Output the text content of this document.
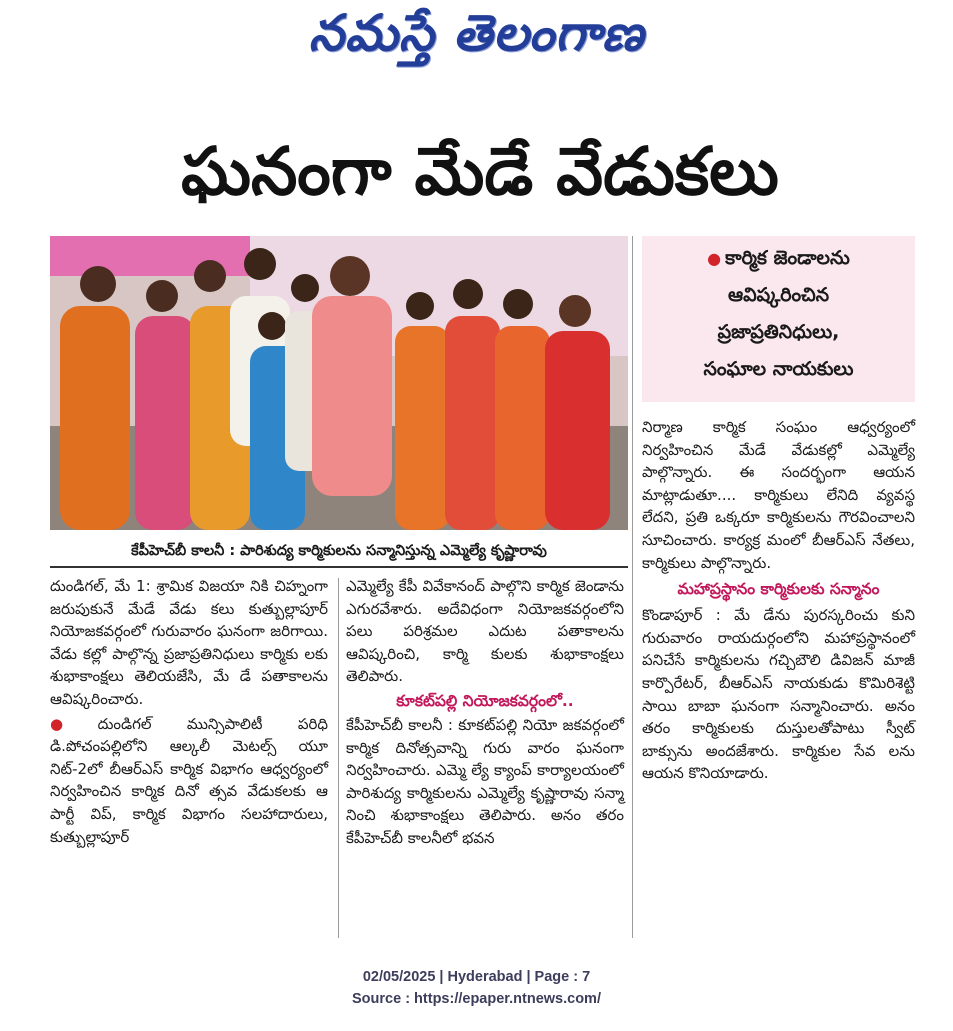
నమస్తే తెలంగాణ
ఘనంగా మేడే వేడుకలు
కేపీహెచ్‌బీ కాలనీ : పారిశుద్య కార్మికులను సన్మానిస్తున్న ఎమ్మెల్యే కృష్ణారావు
● కార్మిక జెండాలను
ఆవిష్కరించిన
ప్రజాప్రతినిధులు,
సంఘాల నాయకులు

దుండిగల్, మే 1: శ్రామిక విజయా నికి చిహ్నంగా జరుపుకునే మేడే వేడు కలు కుత్బుల్లాపూర్ నియోజకవర్గంలో గురువారం ఘనంగా జరిగాయి. వేడు కల్లో పాల్గొన్న ప్రజాప్రతినిధులు కార్మికు లకు శుభాకాంక్షలు తెలియజేసి, మే డే పతాకాలను ఆవిష్కరించారు.

● దుండిగల్ మున్సిపాలిటీ పరిధి డి.పోచంపల్లిలోని ఆల్కలీ మెటల్స్ యూ నిట్-2లో బీఆర్ఎస్ కార్మిక విభాగం ఆధ్వర్యంలో నిర్వహించిన కార్మిక దినో త్సవ వేడుకలకు ఆ పార్టీ విప్, కార్మిక విభాగం సలహాదారులు, కుత్బుల్లాపూర్

ఎమ్మెల్యే కేపీ వివేకానంద్ పాల్గొని కార్మిక జెండాను ఎగురవేశారు. అదేవిధంగా నియోజకవర్గంలోని పలు పరిశ్రమల ఎదుట పతాకాలను ఆవిష్కరించి, కార్మి కులకు శుభాకాంక్షలు తెలిపారు.

కూకట్‌పల్లి నియోజకవర్గంలో..

కేపీహెచ్‌బీ కాలనీ : కూకట్‌పల్లి నియో జకవర్గంలో కార్మిక దినోత్సవాన్ని గురు వారం ఘనంగా నిర్వహించారు. ఎమ్మె ల్యే క్యాంప్ కార్యాలయంలో పారిశుద్య కార్మికులను ఎమ్మెల్యే కృష్ణారావు సన్మా నించి శుభాకాంక్షలు తెలిపారు. అనం తరం కేపీహెచ్‌బీ కాలనీలో భవన

నిర్మాణ కార్మిక సంఘం ఆధ్వర్యంలో నిర్వహించిన మేడే వేడుకల్లో ఎమ్మెల్యే పాల్గొన్నారు. ఈ సందర్భంగా ఆయన మాట్లాడుతూ.... కార్మికులు లేనిది వ్యవస్థ లేదని, ప్రతి ఒక్కరూ కార్మికులను గౌరవించాలని సూచించారు. కార్యక్ర మంలో బీఆర్ఎస్ నేతలు, కార్మికులు పాల్గొన్నారు.

మహాప్రస్థానం కార్మికులకు సన్మానం

కొండాపూర్ : మే డేను పురస్కరించు కుని గురువారం రాయదుర్గంలోని మహాప్రస్థానంలో పనిచేసే కార్మికులను గచ్చిబౌలి డివిజన్ మాజీ కార్పొరేటర్, బీఆర్ఎస్ నాయకుడు కొమిరిశెట్టి సాయి బాబా ఘనంగా సన్మానించారు. అనం తరం కార్మికులకు దుస్తులతోపాటు స్వీట్ బాక్సును అందజేశారు. కార్మికుల సేవ లను ఆయన కొనియాడారు.

02/05/2025 | Hyderabad | Page : 7
Source : https://epaper.ntnews.com/
